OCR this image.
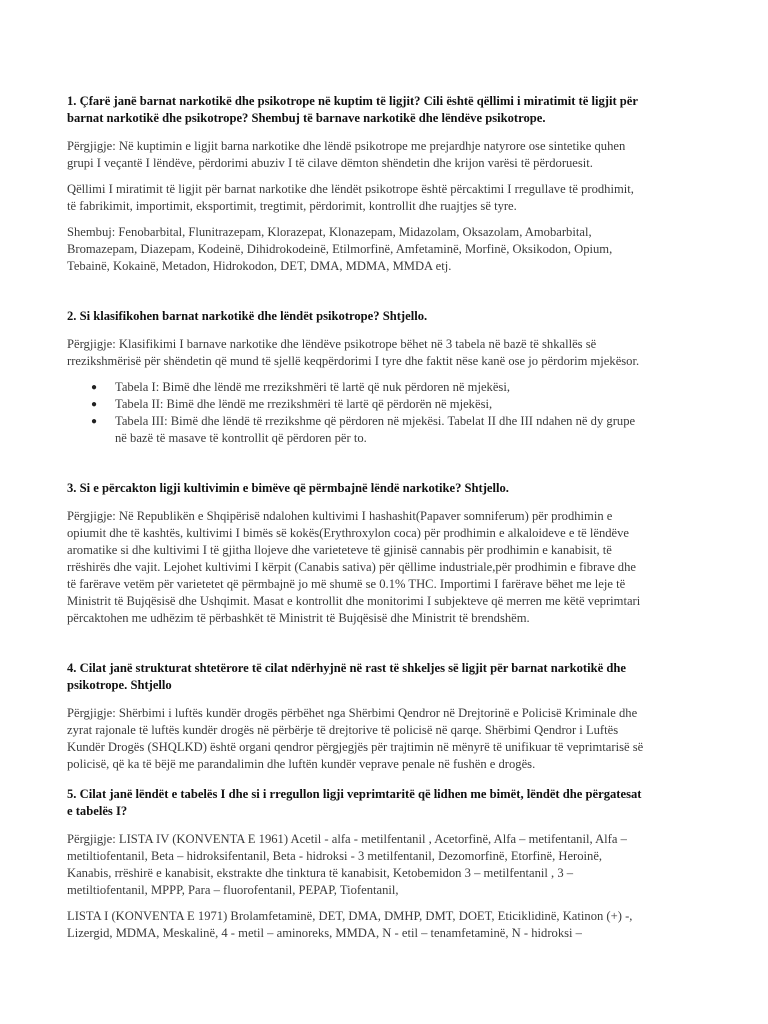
1. Çfarë janë barnat narkotikë dhe psikotrope në kuptim të ligjit? Cili është qëllimi i miratimit të ligjit për
barnat narkotikë dhe psikotrope? Shembuj të barnave narkotikë dhe lëndëve psikotrope.

Përgjigje: Në kuptimin e ligjit barna narkotike dhe lëndë psikotrope me prejardhje natyrore ose sintetike quhen
grupi I veçantë I lëndëve, përdorimi abuziv I të cilave dëmton shëndetin dhe krijon varësi të përdoruesit.

Qëllimi I miratimit të ligjit për barnat narkotike dhe lëndët psikotrope është përcaktimi I rregullave të prodhimit,
të fabrikimit, importimit, eksportimit, tregtimit, përdorimit, kontrollit dhe ruajtjes së tyre.

Shembuj: Fenobarbital, Flunitrazepam, Klorazepat, Klonazepam, Midazolam, Oksazolam, Amobarbital,
Bromazepam, Diazepam, Kodeinë, Dihidrokodeinë, Etilmorfinë, Amfetaminë, Morfinë, Oksikodon, Opium,
Tebainë, Kokainë, Metadon, Hidrokodon, DET, DMA, MDMA, MMDA etj.

2. Si klasifikohen barnat narkotikë dhe lëndët psikotrope? Shtjello.

Përgjigje: Klasifikimi I barnave narkotike dhe lëndëve psikotrope bëhet në 3 tabela në bazë të shkallës së
rrezikshmërisë për shëndetin që mund të sjellë keqpërdorimi I tyre dhe faktit nëse kanë ose jo përdorim mjekësor.

● Tabela I: Bimë dhe lëndë me rrezikshmëri të lartë që nuk përdoren në mjekësi,
● Tabela II: Bimë dhe lëndë me rrezikshmëri të lartë që përdorën në mjekësi,
● Tabela III: Bimë dhe lëndë të rrezikshme që përdoren në mjekësi. Tabelat II dhe III ndahen në dy grupe
në bazë të masave të kontrollit që përdoren për to.

3. Si e përcakton ligji kultivimin e bimëve që përmbajnë lëndë narkotike? Shtjello.

Përgjigje: Në Republikën e Shqipërisë ndalohen kultivimi I hashashit(Papaver somniferum) për prodhimin e
opiumit dhe të kashtës, kultivimi I bimës së kokës(Erythroxylon coca) për prodhimin e alkaloideve e të lëndëve
aromatike si dhe kultivimi I të gjitha llojeve dhe varieteteve të gjinisë cannabis për prodhimin e kanabisit, të
rrëshirës dhe vajit. Lejohet kultivimi I kërpit (Canabis sativa) për qëllime industriale,për prodhimin e fibrave dhe
të farërave vetëm për varietetet që përmbajnë jo më shumë se 0.1% THC. Importimi I farërave bëhet me leje të
Ministrit të Bujqësisë dhe Ushqimit. Masat e kontrollit dhe monitorimi I subjekteve që merren me këtë veprimtari
përcaktohen me udhëzim të përbashkët të Ministrit të Bujqësisë dhe Ministrit të brendshëm.

4. Cilat janë strukturat shtetërore të cilat ndërhyjnë në rast të shkeljes së ligjit për barnat narkotikë dhe
psikotrope. Shtjello

Përgjigje: Shërbimi i luftës kundër drogës përbëhet nga Shërbimi Qendror në Drejtorinë e Policisë Kriminale dhe
zyrat rajonale të luftës kundër drogës në përbërje të drejtorive të policisë në qarqe. Shërbimi Qendror i Luftës
Kundër Drogës (SHQLKD) është organi qendror përgjegjës për trajtimin në mënyrë të unifikuar të veprimtarisë së
policisë, që ka të bëjë me parandalimin dhe luftën kundër veprave penale në fushën e drogës.

5. Cilat janë lëndët e tabelës I dhe si i rregullon ligji veprimtaritë që lidhen me bimët, lëndët dhe përgatesat
e tabelës I?

Përgjigje: LISTA IV (KONVENTA E 1961) Acetil - alfa - metilfentanil , Acetorfinë, Alfa – metifentanil, Alfa –
metiltiofentanil, Beta – hidroksifentanil, Beta - hidroksi - 3 metilfentanil, Dezomorfinë, Etorfinë, Heroinë,
Kanabis, rrëshirë e kanabisit, ekstrakte dhe tinktura të kanabisit, Ketobemidon 3 – metilfentanil , 3 –
metiltiofentanil, MPPP, Para – fluorofentanil, PEPAP, Tiofentanil,

LISTA I (KONVENTA E 1971) Brolamfetaminë, DET, DMA, DMHP, DMT, DOET, Eticiklidinë, Katinon (+) -,
Lizergid, MDMA, Meskalinë, 4 - metil – aminoreks, MMDA, N - etil – tenamfetaminë, N - hidroksi –
